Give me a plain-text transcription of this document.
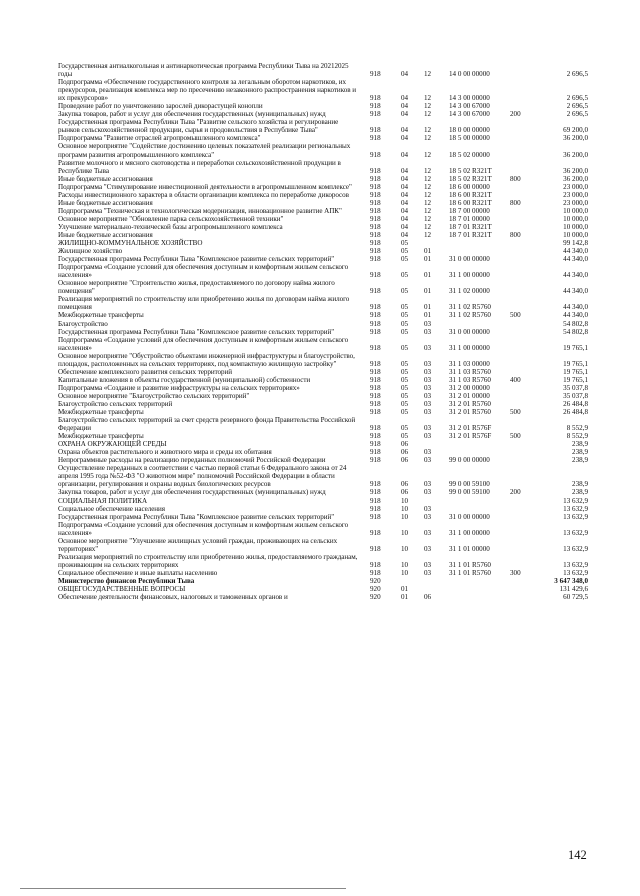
Государственная антиалкогольная и антинаркотическая программа Республики Тыва на 20212025 годы	918	04 12	14 0 00 00000	2 696,5
Подпрограмма «Обеспечение государственного контроля за легальным оборотом наркотиков, их прекурсоров, реализация комплекса мер по пресечению незаконного распространения наркотиков и их прекурсоров»	918	04 12	14 3 00 00000	2 696,5
Проведение работ по уничтожению зарослей дикорастущей конопли	918	04 12	14 3 00 67000	2 696,5
Закупка товаров, работ и услуг для обеспечения государственных (муниципальных) нужд	918	04 12	14 3 00 67000	200	2 696,5
Государственная программа Республики Тыва "Развитие сельского хозяйства и регулирование рынков сельскохозяйственной продукции, сырья и продовольствия в Республике Тыва"	918	04 12	18 0 00 00000	69 200,0
Подпрограмма "Развитие отраслей агропромышленного комплекса"	918	04 12	18 5 00 00000	36 200,0
Основное мероприятие "Содействие достижению целевых показателей реализации региональных программ развития агропромышленного комплекса"	918	04 12	18 5 02 00000	36 200,0
Развитие молочного и мясного скотоводства и переработки сельскохозяйственной продукции в Республике Тыва	918	04 12	18 5 02 R321T	36 200,0
Иные бюджетные ассигнования	918	04 12	18 5 02 R321T	800	36 200,0
Подпрограмма "Стимулирование инвестиционной деятельности в агропромышленном комплексе"	918	04 12	18 6 00 00000	23 000,0
Расходы инвестиционного характера в области организации комплекса по переработке дикоросов	918	04 12	18 6 00 R321T	23 000,0
Иные бюджетные ассигнования	918	04 12	18 6 00 R321T	800	23 000,0
Подпрограмма "Техническая и технологическая модернизация, инновационное развитие АПК"	918	04 12	18 7 00 00000	10 000,0
Основное мероприятие "Обновление парка сельскохозяйственной техники"	918	04 12	18 7 01 00000	10 000,0
Улучшение материально-технической базы агропромышленного комплекса	918	04 12	18 7 01 R321T	10 000,0
Иные бюджетные ассигнования	918	04 12	18 7 01 R321T	800	10 000,0
ЖИЛИЩНО-КОММУНАЛЬНОЕ ХОЗЯЙСТВО	918	05	99 142,8
Жилищное хозяйство	918	05 01	44 340,0
Государственная программа Республики Тыва "Комплексное развитие сельских территорий"	918	05 01	31 0 00 00000	44 340,0
Подпрограмма «Создание условий для обеспечения доступным и комфортным жильем сельского населения»	918	05 01	31 1 00 00000	44 340,0
Основное мероприятие "Строительство жилья, предоставляемого по договору найма жилого помещения"	918	05 01	31 1 02 00000	44 340,0
Реализация мероприятий по строительству или приобретению жилья по договорам найма жилого помещения	918	05 01	31 1 02 R5760	44 340,0
Межбюджетные трансферты	918	05 01	31 1 02 R5760	500	44 340,0
Благоустройство	918	05 03	54 802,8
Государственная программа Республики Тыва "Комплексное развитие сельских территорий"	918	05 03	31 0 00 00000	54 802,8
Подпрограмма «Создание условий для обеспечения доступным и комфортным жильем сельского населения»	918	05 03	31 1 00 00000	19 765,1
Основное мероприятие "Обустройство объектами инженерной инфраструктуры и благоустройство, площадок, расположенных на сельских территориях, под компактную жилищную застройку"	918	05 03	31 1 03 00000	19 765,1
Обеспечение комплексного развития сельских территорий	918	05 03	31 1 03 R5760	19 765,1
Капитальные вложения в объекты государственной (муниципальной) собственности	918	05 03	31 1 03 R5760	400	19 765,1
Подпрограмма «Создание и развитие инфраструктуры на сельских территориях»	918	05 03	31 2 00 00000	35 037,8
Основное мероприятие "Благоустройство сельских территорий"	918	05 03	31 2 01 00000	35 037,8
Благоустройство сельских территорий	918	05 03	31 2 01 R5760	26 484,8
Межбюджетные трансферты	918	05 03	31 2 01 R5760	500	26 484,8
Благоустройство сельских территорий за счет средств резервного фонда Правительства Российской Федерации	918	05 03	31 2 01 R576F	8 552,9
Межбюджетные трансферты	918	05 03	31 2 01 R576F	500	8 552,9
ОХРАНА ОКРУЖАЮЩЕЙ СРЕДЫ	918	06	238,9
Охрана объектов растительного и животного мира и среды их обитания	918	06 03	238,9
Непрограммные расходы на реализацию переданных полномочий Российской Федерации	918	06 03	99 0 00 00000	238,9
Осуществление переданных в соответствии с частью первой статьи 6 Федерального закона от 24 апреля 1995 года №52-ФЗ "О животном мире" полномочий Российской Федерации в области организации, регулирования и охраны водных биологических ресурсов	918	06 03	99 0 00 59100	238,9
Закупка товаров, работ и услуг для обеспечения государственных (муниципальных) нужд	918	06 03	99 0 00 59100	200	238,9
СОЦИАЛЬНАЯ ПОЛИТИКА	918	10	13 632,9
Социальное обеспечение населения	918	10 03	13 632,9
Государственная программа Республики Тыва "Комплексное развитие сельских территорий"	918	10 03	31 0 00 00000	13 632,9
Подпрограмма «Создание условий для обеспечения доступным и комфортным жильем сельского населения»	918	10 03	31 1 00 00000	13 632,9
Основное мероприятие "Улучшение жилищных условий граждан, проживающих на сельских территориях"	918	10 03	31 1 01 00000	13 632,9
Реализация мероприятий по строительству или приобретению жилья, предоставляемого гражданам, проживающим на сельских территориях	918	10 03	31 1 01 R5760	13 632,9
Социальное обеспечение и иные выплаты населению	918	10 03	31 1 01 R5760	300	13 632,9
Министерство финансов Республики Тыва	920	3 647 348,0
ОБЩЕГОСУДАРСТВЕННЫЕ ВОПРОСЫ	920	01	131 429,6
Обеспечение деятельности финансовых, налоговых и таможенных органов и	920	01 06	60 729,5
142
